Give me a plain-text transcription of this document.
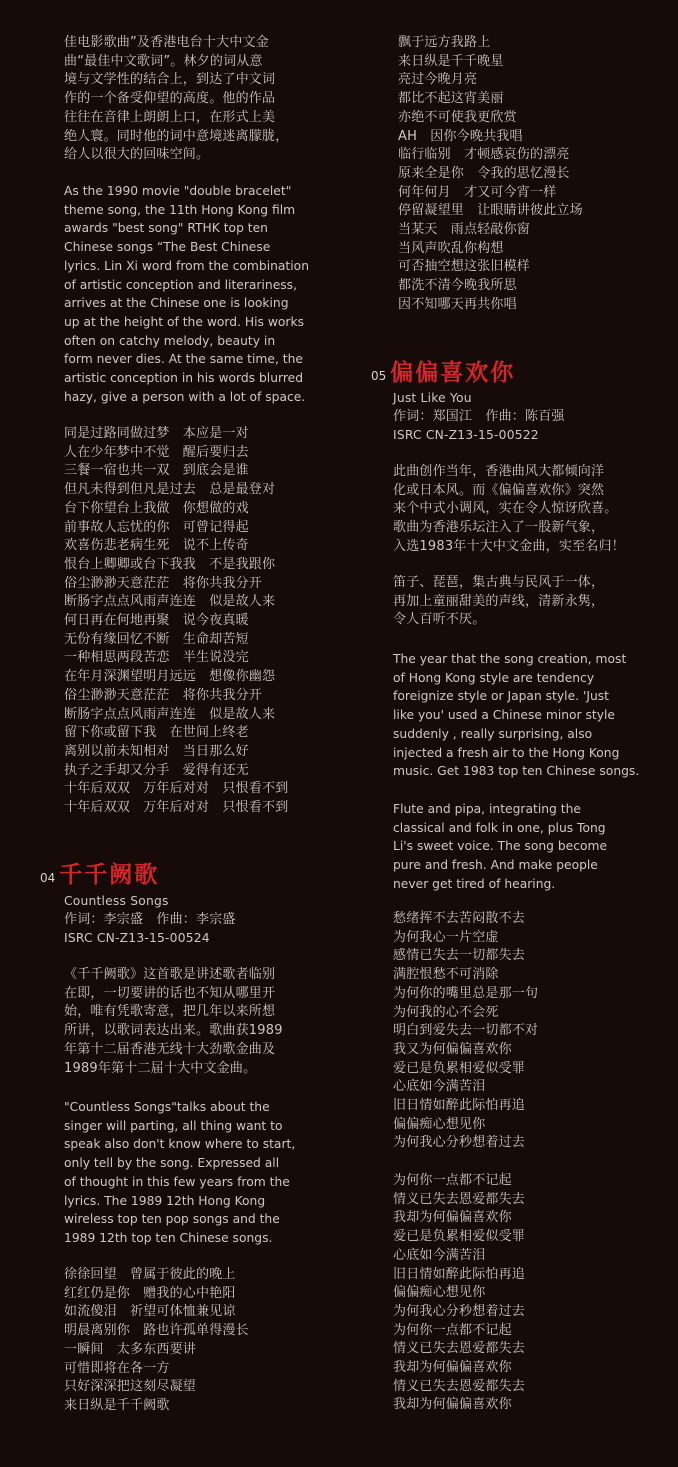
佳电影歌曲”及香港电台十大中文金
曲“最佳中文歌词”。林夕的词从意
境与文学性的结合上，到达了中文词
作的一个备受仰望的高度。他的作品
往往在音律上朗朗上口，在形式上美
绝人寰。同时他的词中意境迷离朦胧，
给人以很大的回味空间。
As the 1990 movie "double bracelet"
theme song, the 11th Hong Kong film
awards "best song" RTHK top ten
Chinese songs “The Best Chinese
lyrics. Lin Xi word from the combination
of artistic conception and literariness,
arrives at the Chinese one is looking
up at the height of the word. His works
often on catchy melody, beauty in
form never dies. At the same time, the
artistic conception in his words blurred
hazy, give a person with a lot of space.
同是过路同做过梦　本应是一对
人在少年梦中不觉　醒后要归去
三餐一宿也共一双　到底会是谁
但凡未得到但凡是过去　总是最登对
台下你望台上我做　你想做的戏
前事故人忘忧的你　可曾记得起
欢喜伤悲老病生死　说不上传奇
恨台上卿卿或台下我我　不是我跟你
俗尘渺渺天意茫茫　将你共我分开
断肠字点点风雨声连连　似是故人来
何日再在何地再聚　说今夜真暖
无份有缘回忆不断　生命却苦短
一种相思两段苦恋　半生说没完
在年月深渊望明月远远　想像你幽怨
俗尘渺渺天意茫茫　将你共我分开
断肠字点点风雨声连连　似是故人来
留下你或留下我　在世间上终老
离别以前未知相对　当日那么好
执子之手却又分手　爱得有还无
十年后双双　万年后对对　只恨看不到
十年后双双　万年后对对　只恨看不到
04 千千阙歌
Countless Songs
作词：李宗盛　作曲：李宗盛
ISRC CN-Z13-15-00524
《千千阙歌》这首歌是讲述歌者临别
在即，一切要讲的话也不知从哪里开
始，唯有凭歌寄意，把几年以来所想
所讲，以歌词表达出来。歌曲获1989
年第十二届香港无线十大劲歌金曲及
1989年第十二届十大中文金曲。
"Countless Songs"talks about the
singer will parting, all thing want to
speak also don't know where to start,
only tell by the song. Expressed all
of thought in this few years from the
lyrics. The 1989 12th Hong Kong
wireless top ten pop songs and the
1989 12th top ten Chinese songs.
徐徐回望　曾属于彼此的晚上
红红仍是你　赠我的心中艳阳
如流傻泪　祈望可体恤兼见谅
明晨离别你　路也许孤单得漫长
一瞬间　太多东西要讲
可惜即将在各一方
只好深深把这刻尽凝望
来日纵是千千阙歌
飘于远方我路上
来日纵是千千晚星
亮过今晚月亮
都比不起这宵美丽
亦绝不可使我更欣赏
AH　因你今晚共我唱
临行临别　才顿感哀伤的漂亮
原来全是你　令我的思忆漫长
何年何月　才又可今宵一样
停留凝望里　让眼睛讲彼此立场
当某天　雨点轻敲你窗
当风声吹乱你构想
可否抽空想这张旧模样
都洗不清今晚我所思
因不知哪天再共你唱
05 偏偏喜欢你
Just Like You
作词：郑国江　作曲：陈百强
ISRC CN-Z13-15-00522
此曲创作当年，香港曲风大都倾向洋
化或日本风。而《偏偏喜欢你》突然
来个中式小调风，实在令人惊讶欣喜。
歌曲为香港乐坛注入了一股新气象，
入选1983年十大中文金曲，实至名归！
笛子、琵琶，集古典与民风于一体，
再加上童丽甜美的声线，清新永隽，
令人百听不厌。
The year that the song creation, most
of Hong Kong style are tendency
foreignize style or Japan style. 'Just
like you' used a Chinese minor style
suddenly , really surprising, also
injected a fresh air to the Hong Kong
music. Get 1983 top ten Chinese songs.
Flute and pipa, integrating the
classical and folk in one, plus Tong
Li's sweet voice. The song become
pure and fresh. And make people
never get tired of hearing.
愁绪挥不去苦闷散不去
为何我心一片空虚
感情已失去一切都失去
满腔恨愁不可消除
为何你的嘴里总是那一句
为何我的心不会死
明白到爱失去一切都不对
我又为何偏偏喜欢你
爱已是负累相爱似受罪
心底如今满苦泪
旧日情如醉此际怕再追
偏偏痴心想见你
为何我心分秒想着过去
为何你一点都不记起
情义已失去恩爱都失去
我却为何偏偏喜欢你
爱已是负累相爱似受罪
心底如今满苦泪
旧日情如醉此际怕再追
偏偏痴心想见你
为何我心分秒想着过去
为何你一点都不记起
情义已失去恩爱都失去
我却为何偏偏喜欢你
情义已失去恩爱都失去
我却为何偏偏喜欢你
